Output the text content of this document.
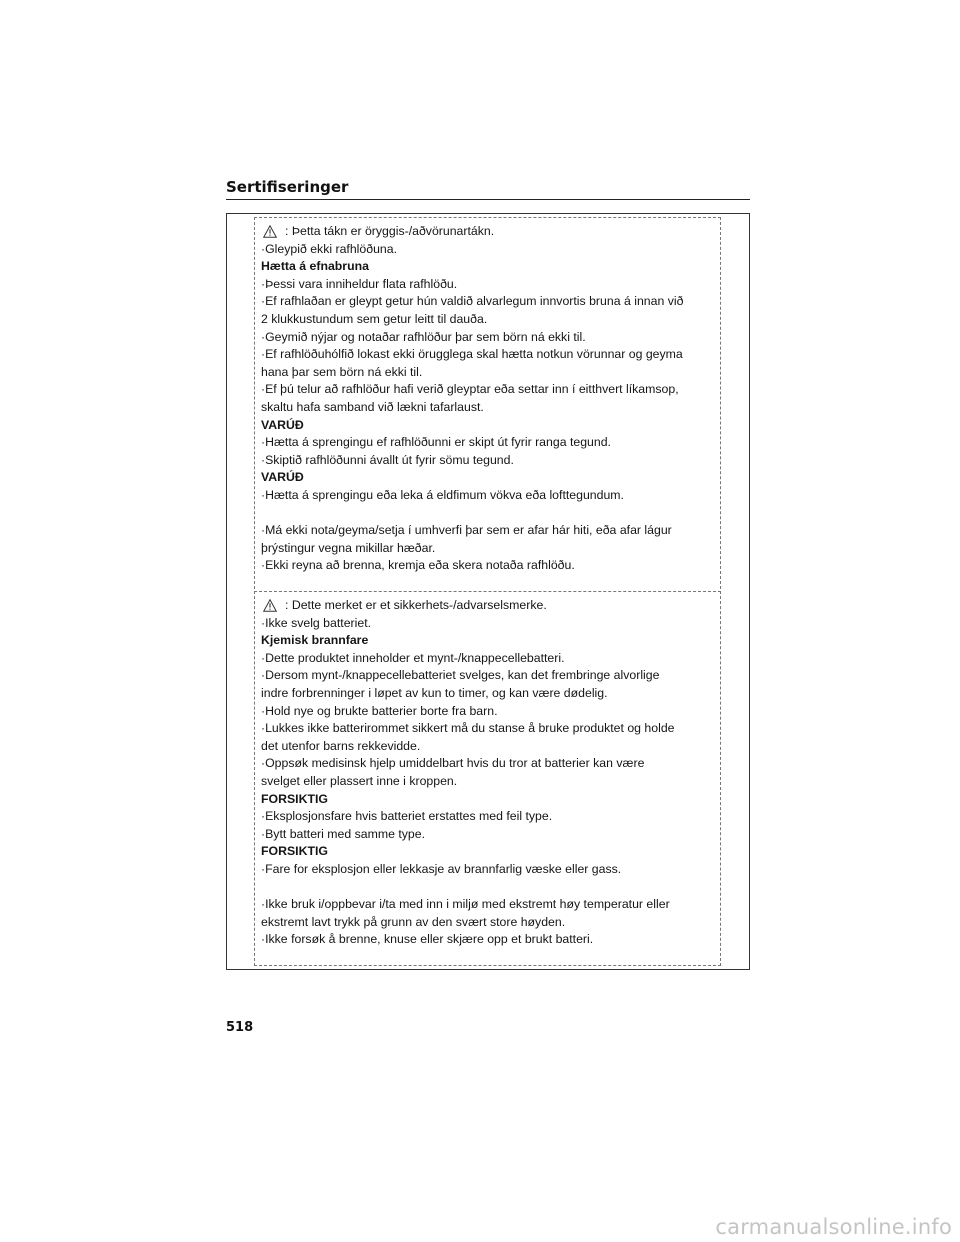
Sertifiseringer
: Þetta tákn er öryggis-/aðvörunartákn.
·Gleypið ekki rafhlöðuna.
Hætta á efnabruna
·Þessi vara inniheldur flata rafhlöðu.
·Ef rafhlaðan er gleypt getur hún valdið alvarlegum innvortis bruna á innan við
2 klukkustundum sem getur leitt til dauða.
·Geymið nýjar og notaðar rafhlöður þar sem börn ná ekki til.
·Ef rafhlöðuhólfið lokast ekki örugglega skal hætta notkun vörunnar og geyma
hana þar sem börn ná ekki til.
·Ef þú telur að rafhlöður hafi verið gleyptar eða settar inn í eitthvert líkamsop,
skaltu hafa samband við lækni tafarlaust.
VARÚÐ
·Hætta á sprengingu ef rafhlöðunni er skipt út fyrir ranga tegund.
·Skiptið rafhlöðunni ávallt út fyrir sömu tegund.
VARÚÐ
·Hætta á sprengingu eða leka á eldfimum vökva eða lofttegundum.
·Má ekki nota/geyma/setja í umhverfi þar sem er afar hár hiti, eða afar lágur
þrýstingur vegna mikillar hæðar.
·Ekki reyna að brenna, kremja eða skera notaða rafhlöðu.
: Dette merket er et sikkerhets-/advarselsmerke.
·Ikke svelg batteriet.
Kjemisk brannfare
·Dette produktet inneholder et mynt-/knappecellebatteri.
·Dersom mynt-/knappecellebatteriet svelges, kan det frembringe alvorlige
indre forbrenninger i løpet av kun to timer, og kan være dødelig.
·Hold nye og brukte batterier borte fra barn.
·Lukkes ikke batterirommet sikkert må du stanse å bruke produktet og holde
det utenfor barns rekkevidde.
·Oppsøk medisinsk hjelp umiddelbart hvis du tror at batterier kan være
svelget eller plassert inne i kroppen.
FORSIKTIG
·Eksplosjonsfare hvis batteriet erstattes med feil type.
·Bytt batteri med samme type.
FORSIKTIG
·Fare for eksplosjon eller lekkasje av brannfarlig væske eller gass.
·Ikke bruk i/oppbevar i/ta med inn i miljø med ekstremt høy temperatur eller
ekstremt lavt trykk på grunn av den svært store høyden.
·Ikke forsøk å brenne, knuse eller skjære opp et brukt batteri.
518
carmanualsonline.info
